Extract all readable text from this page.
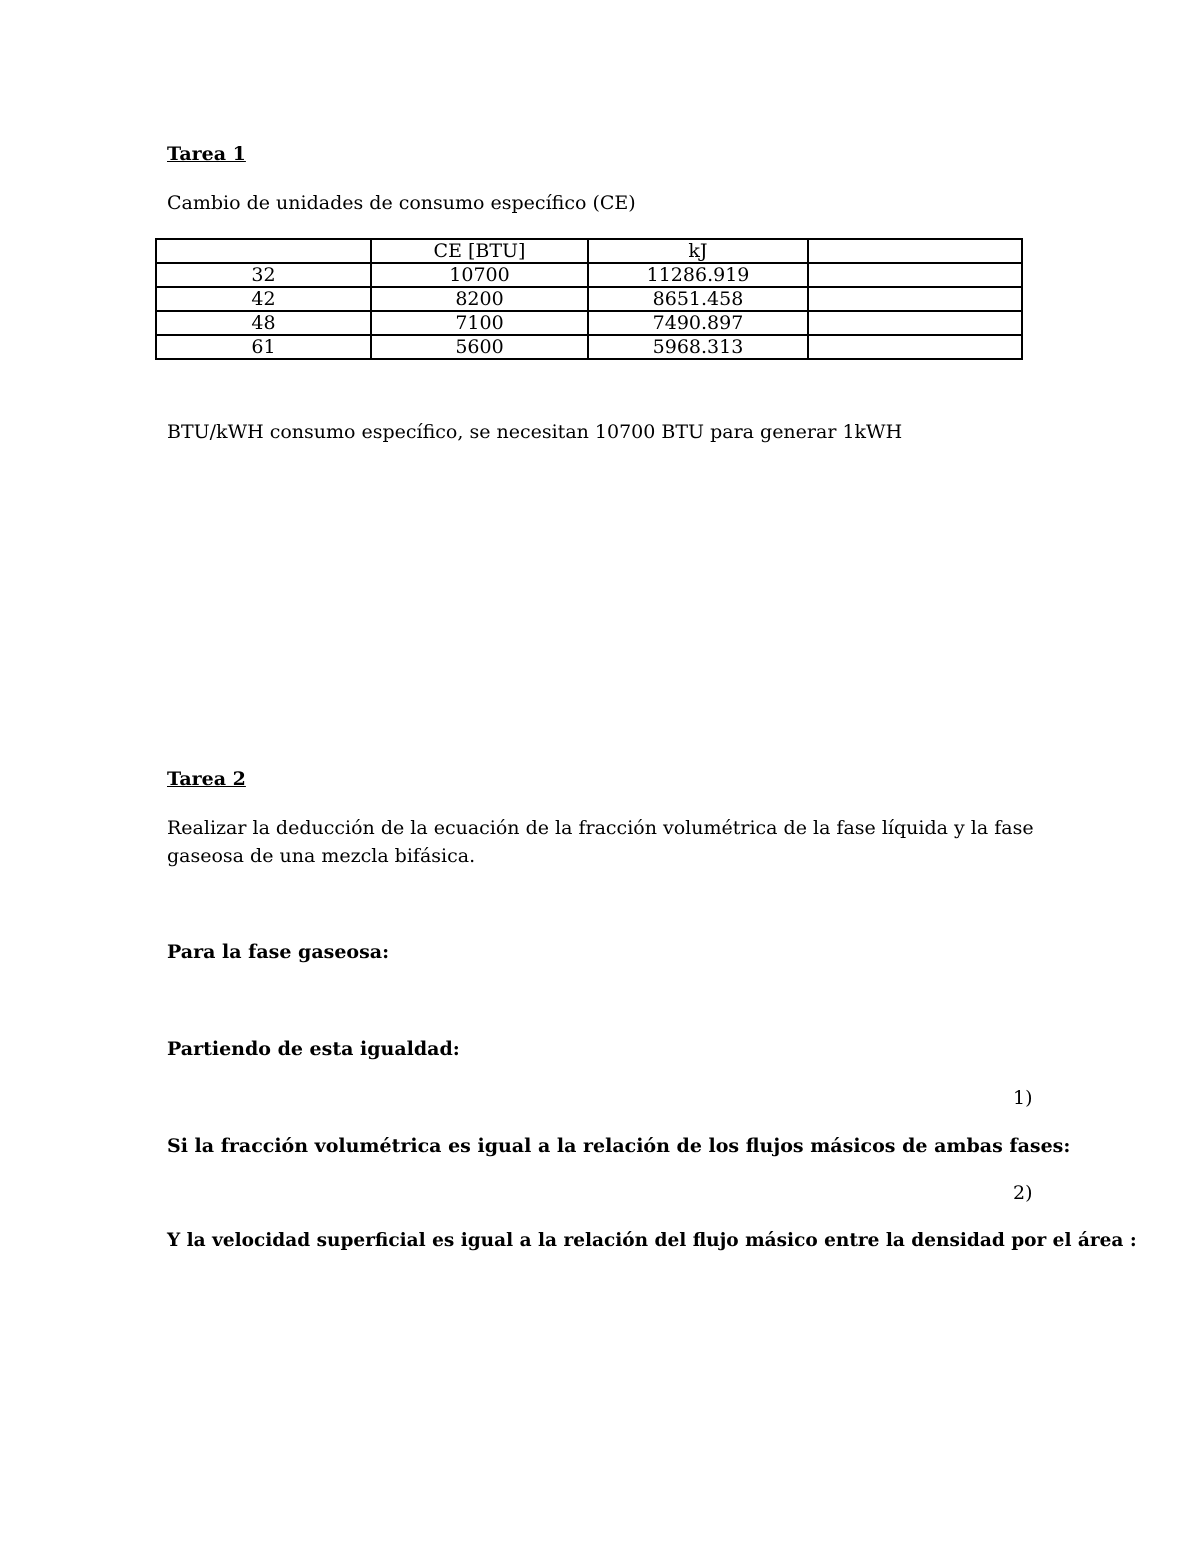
Tarea 1
Cambio de unidades de consumo específico (CE)
	CE [BTU]	kJ	
32	10700	11286.919	
42	8200	8651.458	
48	7100	7490.897	
61	5600	5968.313	
BTU/kWH consumo específico, se necesitan 10700 BTU para generar 1kWH
Tarea 2
Realizar la deducción de la ecuación de la fracción volumétrica de la fase líquida y la fase gaseosa de una mezcla bifásica.
Para la fase gaseosa:
Partiendo de esta igualdad:
1)
Si la fracción volumétrica es igual a la relación de los flujos másicos de ambas fases:
2)
Y la velocidad superficial es igual a la relación del flujo másico entre la densidad por el área :
